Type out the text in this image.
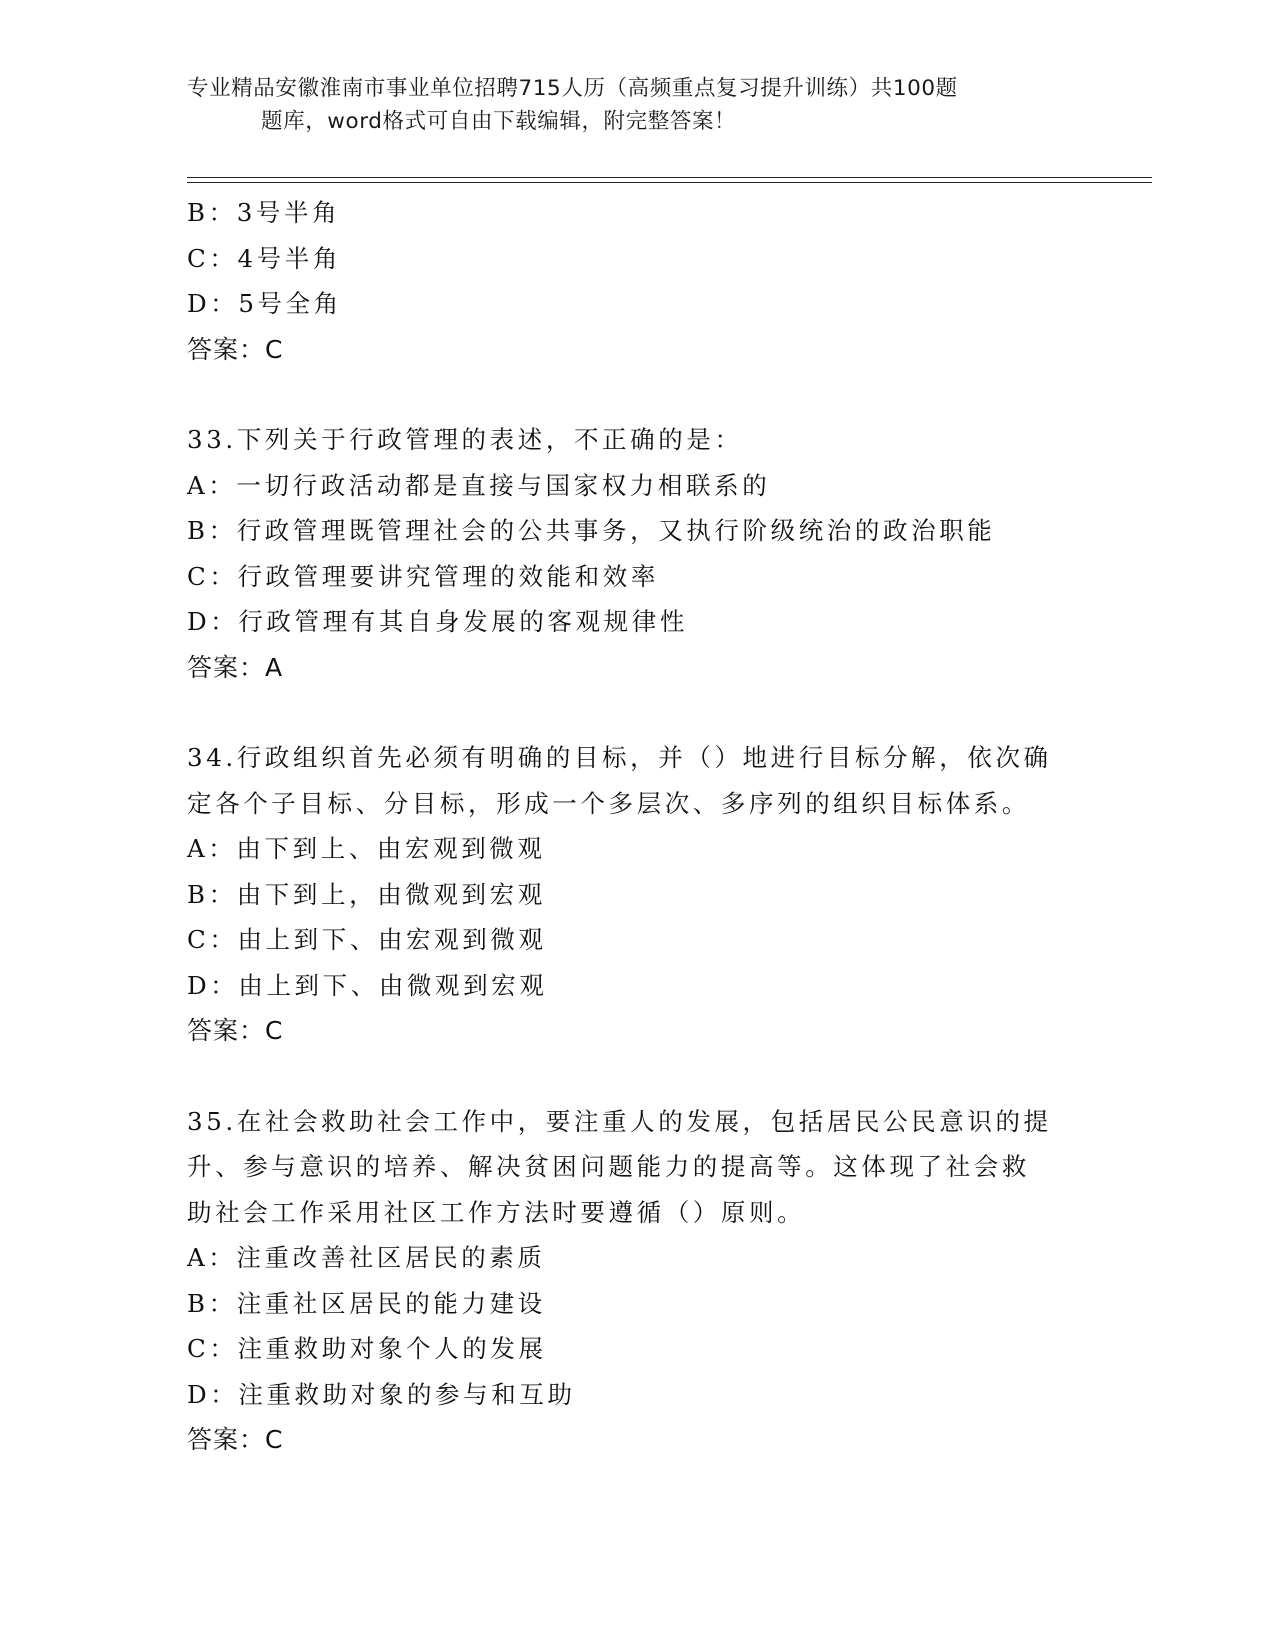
专业精品安徽淮南市事业单位招聘715人历（高频重点复习提升训练）共100题
题库，word格式可自由下载编辑，附完整答案！
B：3号半角
C：4号半角
D：5号全角
答案：C
33.下列关于行政管理的表述，不正确的是：
A：一切行政活动都是直接与国家权力相联系的
B：行政管理既管理社会的公共事务，又执行阶级统治的政治职能
C：行政管理要讲究管理的效能和效率
D：行政管理有其自身发展的客观规律性
答案：A
34.行政组织首先必须有明确的目标，并（）地进行目标分解，依次确
定各个子目标、分目标，形成一个多层次、多序列的组织目标体系。
A：由下到上、由宏观到微观
B：由下到上，由微观到宏观
C：由上到下、由宏观到微观
D：由上到下、由微观到宏观
答案：C
35.在社会救助社会工作中，要注重人的发展，包括居民公民意识的提
升、参与意识的培养、解决贫困问题能力的提高等。这体现了社会救
助社会工作采用社区工作方法时要遵循（）原则。
A：注重改善社区居民的素质
B：注重社区居民的能力建设
C：注重救助对象个人的发展
D：注重救助对象的参与和互助
答案：C
